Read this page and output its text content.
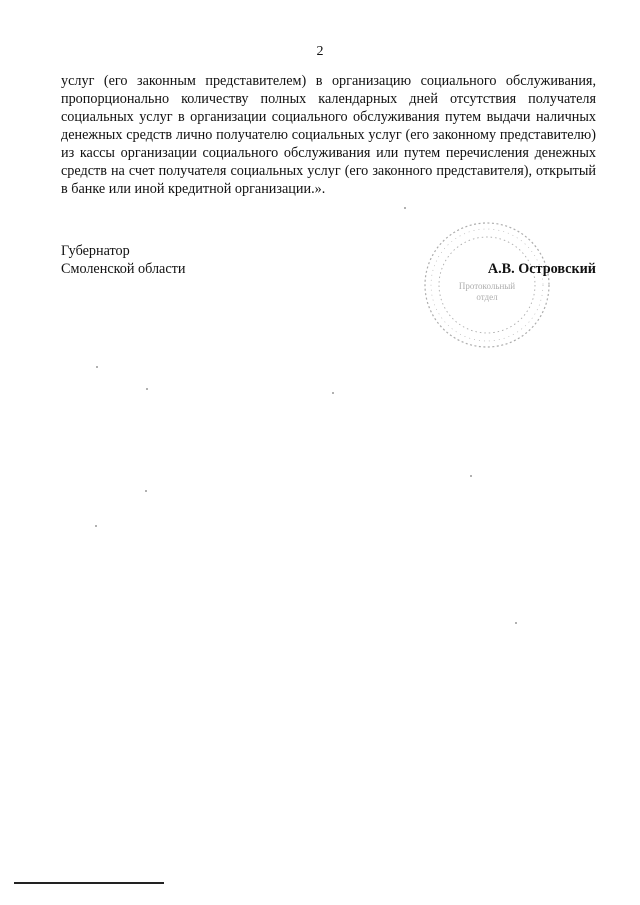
2

услуг (его законным представителем) в организацию социального обслуживания, пропорционально количеству полных календарных дней отсутствия получателя социальных услуг в организации социального обслуживания путем выдачи наличных денежных средств лично получателю социальных услуг (его законному представителю) из кассы организации социального обслуживания или путем перечисления денежных средств на счет получателя социальных услуг (его законного представителя), открытый в банке или иной кредитной организации.».

Протокольный
отдел
Губернатор
Смоленской области	А.В. Островский
